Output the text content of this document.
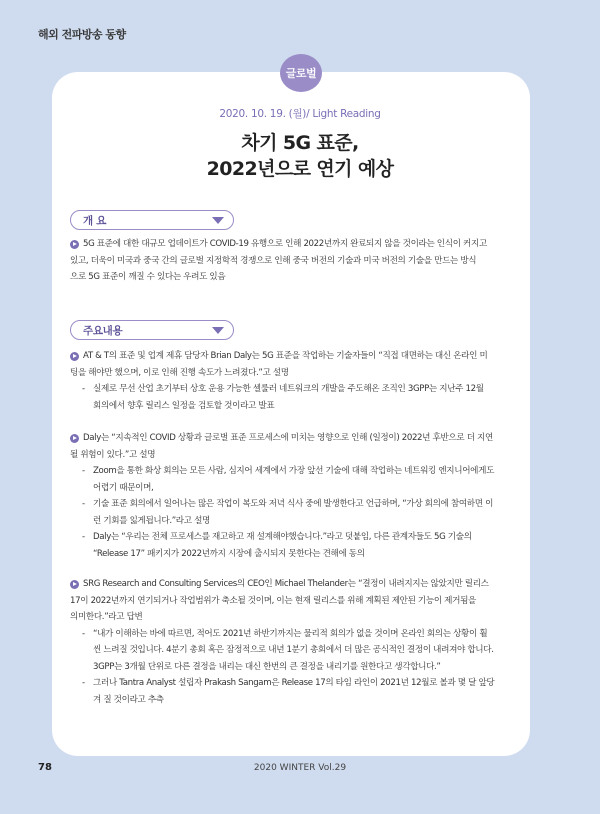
해외 전파방송 동향
글로벌
2020. 10. 19. (월)/ Light Reading
차기 5G 표준,
2022년으로 연기 예상
개 요
5G 표준에 대한 대규모 업데이트가 COVID-19 유행으로 인해 2022년까지 완료되지 않을 것이라는 인식이 커지고
있고, 더욱이 미국과 중국 간의 글로벌 지정학적 경쟁으로 인해 중국 버전의 기술과 미국 버전의 기술을 만드는 방식
으로 5G 표준이 깨질 수 있다는 우려도 있음
주요내용
AT & T의 표준 및 업계 제휴 담당자 Brian Daly는 5G 표준을 작업하는 기술자들이 “직접 대면하는 대신 온라인 미
팅을 해야만 했으며, 이로 인해 진행 속도가 느려졌다.”고 설명
- 실제로 무선 산업 초기부터 상호 운용 가능한 셀룰러 네트워크의 개발을 주도해온 조직인 3GPP는 지난주 12월
회의에서 향후 릴리스 일정을 검토할 것이라고 발표
Daly는 “지속적인 COVID 상황과 글로벌 표준 프로세스에 미치는 영향으로 인해 (일정이) 2022년 후반으로 더 지연
될 위험이 있다.”고 설명
- Zoom을 통한 화상 회의는 모든 사람, 심지어 세계에서 가장 앞선 기술에 대해 작업하는 네트워킹 엔지니어에게도
어렵기 때문이며,
- 기술 표준 회의에서 일어나는 많은 작업이 복도와 저녁 식사 중에 발생한다고 언급하며, “가상 회의에 참여하면 이
런 기회를 잃게됩니다.”라고 설명
- Daly는 “우리는 전체 프로세스를 재고하고 재 설계해야했습니다.”라고 덧붙임, 다른 관계자들도 5G 기술의
“Release 17” 패키지가 2022년까지 시장에 출시되지 못한다는 견해에 동의
SRG Research and Consulting Services의 CEO인 Michael Thelander는 “결정이 내려지지는 않았지만 릴리스
17이 2022년까지 연기되거나 작업범위가 축소될 것이며, 이는 현재 릴리스를 위해 계획된 제안된 기능이 제거됨을
의미한다.”라고 답변
- “내가 이해하는 바에 따르면, 적어도 2021년 하반기까지는 물리적 회의가 없을 것이며 온라인 회의는 상황이 훨
씬 느려질 것입니다. 4분기 총회 혹은 잠정적으로 내년 1분기 총회에서 더 많은 공식적인 결정이 내려져야 합니다.
3GPP는 3개월 단위로 다른 결정을 내리는 대신 한번의 큰 결정을 내리기를 원한다고 생각합니다.”
- 그러나 Tantra Analyst 설립자 Prakash Sangam은 Release 17의 타임 라인이 2021년 12월로 볼과 몇 달 앞당
겨 질 것이라고 추측
78	2020 WINTER Vol.29
